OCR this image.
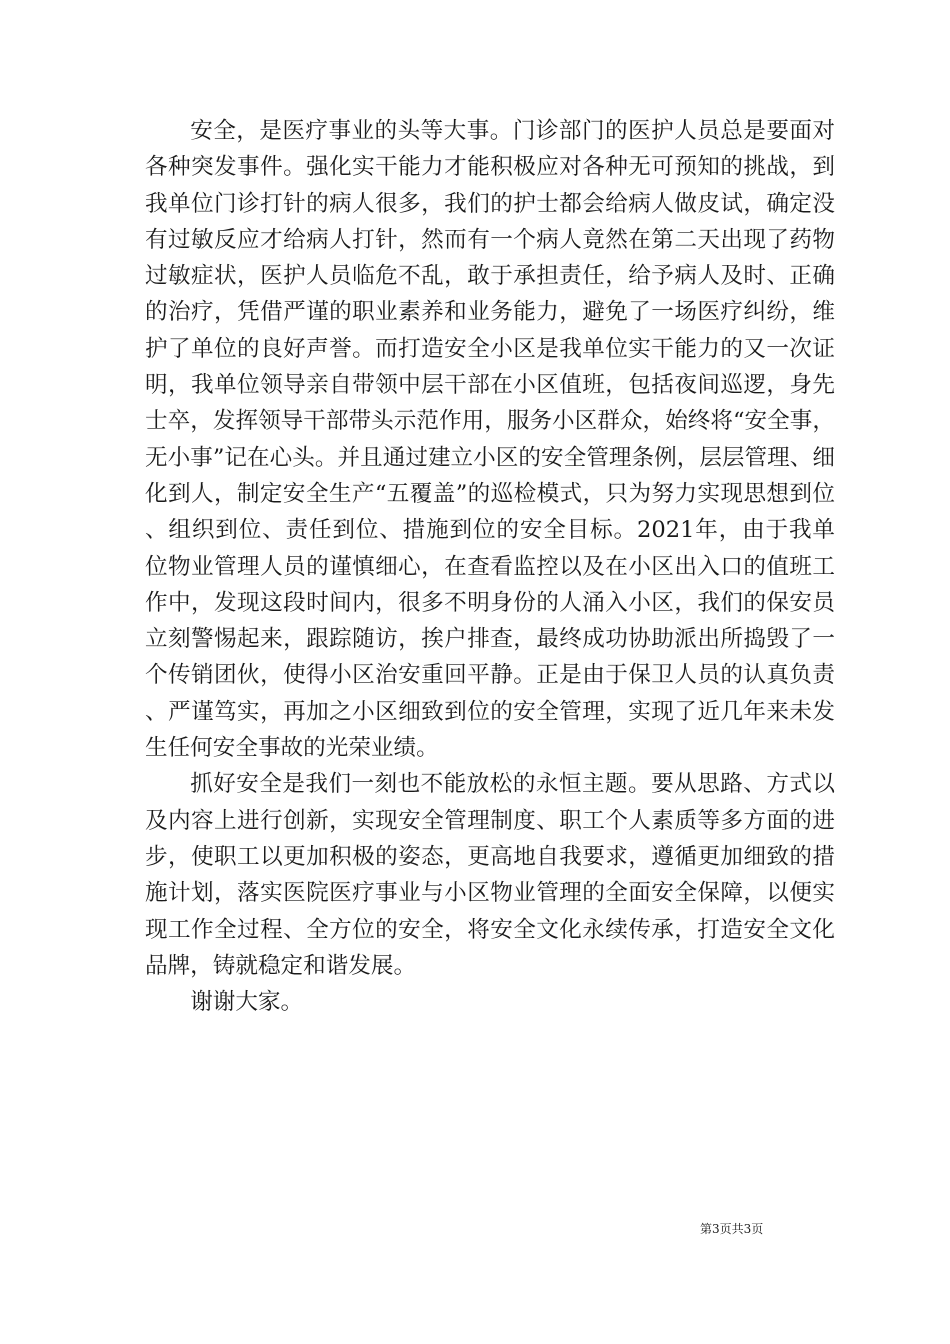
安全，是医疗事业的头等大事。门诊部门的医护人员总是要面对各种突发事件。强化实干能力才能积极应对各种无可预知的挑战，到我单位门诊打针的病人很多，我们的护士都会给病人做皮试，确定没有过敏反应才给病人打针，然而有一个病人竟然在第二天出现了药物过敏症状，医护人员临危不乱，敢于承担责任，给予病人及时、正确的治疗，凭借严谨的职业素养和业务能力，避免了一场医疗纠纷，维护了单位的良好声誉。而打造安全小区是我单位实干能力的又一次证明，我单位领导亲自带领中层干部在小区值班，包括夜间巡逻，身先士卒，发挥领导干部带头示范作用，服务小区群众，始终将“安全事，无小事”记在心头。并且通过建立小区的安全管理条例，层层管理、细化到人，制定安全生产“五覆盖”的巡检模式，只为努力实现思想到位、组织到位、责任到位、措施到位的安全目标。2021年，由于我单位物业管理人员的谨慎细心，在查看监控以及在小区出入口的值班工作中，发现这段时间内，很多不明身份的人涌入小区，我们的保安员立刻警惕起来，跟踪随访，挨户排查，最终成功协助派出所捣毁了一个传销团伙，使得小区治安重回平静。正是由于保卫人员的认真负责、严谨笃实，再加之小区细致到位的安全管理，实现了近几年来未发生任何安全事故的光荣业绩。

抓好安全是我们一刻也不能放松的永恒主题。要从思路、方式以及内容上进行创新，实现安全管理制度、职工个人素质等多方面的进步，使职工以更加积极的姿态，更高地自我要求，遵循更加细致的措施计划，落实医院医疗事业与小区物业管理的全面安全保障，以便实现工作全过程、全方位的安全，将安全文化永续传承，打造安全文化品牌，铸就稳定和谐发展。

谢谢大家。

第3页共3页
